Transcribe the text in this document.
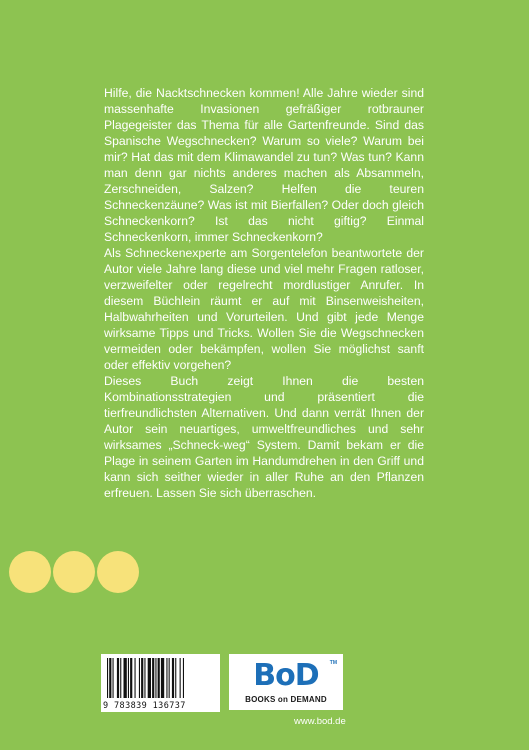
Hilfe, die Nacktschnecken kommen! Alle Jahre wieder sind massenhafte Invasionen gefräßiger rotbrauner Plagegeister das Thema für alle Gartenfreunde. Sind das Spanische Wegschnecken? Warum so viele? Warum bei mir? Hat das mit dem Klimawandel zu tun? Was tun? Kann man denn gar nichts anderes machen als Absammeln, Zerschneiden, Salzen? Helfen die teuren Schneckenzäune? Was ist mit Bierfallen? Oder doch gleich Schneckenkorn? Ist das nicht giftig? Einmal Schneckenkorn, immer Schneckenkorn?

Als Schneckenexperte am Sorgentelefon beantwortete der Autor viele Jahre lang diese und viel mehr Fragen ratloser, verzweifelter oder regelrecht mordlustiger Anrufer. In diesem Büchlein räumt er auf mit Binsenweisheiten, Halbwahrheiten und Vorurteilen. Und gibt jede Menge wirksame Tipps und Tricks. Wollen Sie die Wegschnecken vermeiden oder bekämpfen, wollen Sie möglichst sanft oder effektiv vorgehen?

Dieses Buch zeigt Ihnen die besten Kombinationsstrategien und präsentiert die tierfreundlichsten Alternativen. Und dann verrät Ihnen der Autor sein neuartiges, umweltfreundliches und sehr wirksames „Schneck-weg“ System. Damit bekam er die Plage in seinem Garten im Handumdrehen in den Griff und kann sich seither wieder in aller Ruhe an den Pflanzen erfreuen. Lassen Sie sich überraschen.

9 783839 136737
BoD	TM
BOOKS on DEMAND
www.bod.de
